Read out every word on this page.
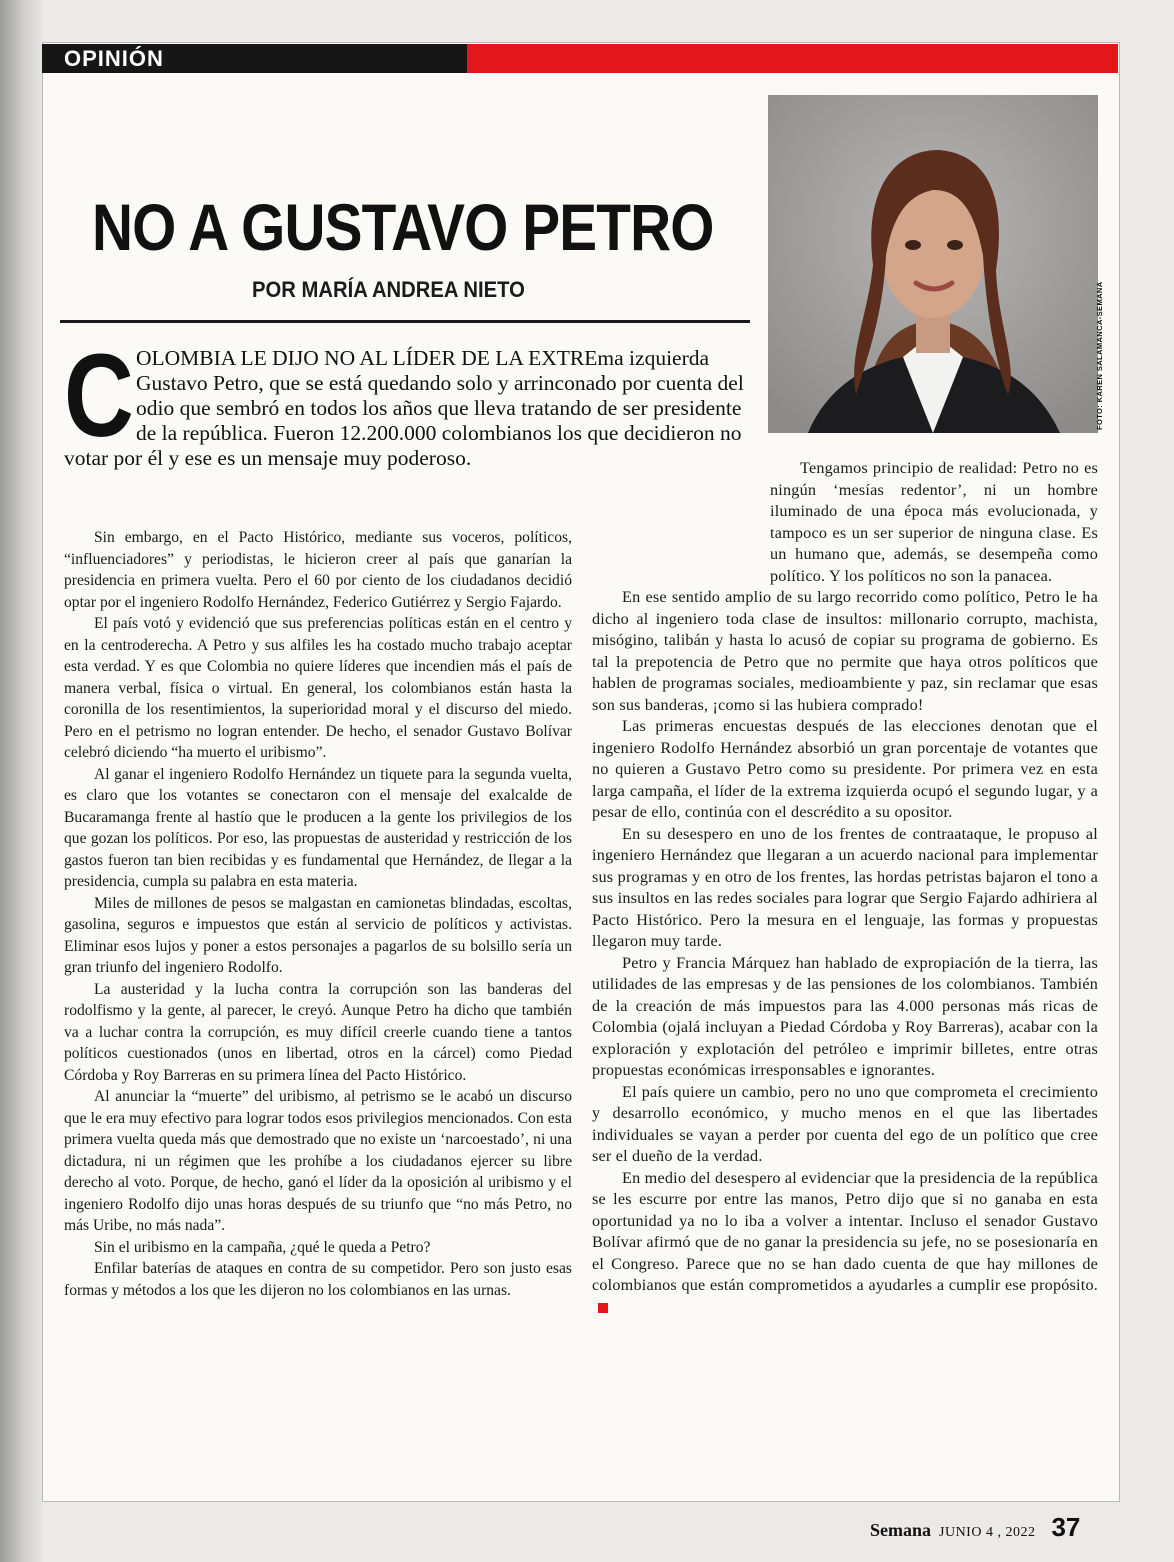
OPINIÓN
NO A GUSTAVO PETRO
POR MARÍA ANDREA NIETO	FOTO: KAREN SALAMANCA-SEMANA

C OLOMBIA LE DIJO NO AL LÍDER DE LA EXTREma izquierda Gustavo Petro, que se está quedando solo y arrinconado por cuenta del odio que sembró en todos los años que lleva tratando de ser presidente de la república. Fueron 12.200.000 colombianos los que decidieron no votar por él y ese es un mensaje muy poderoso.

Sin embargo, en el Pacto Histórico, mediante sus voceros, políticos, “influenciadores” y periodistas, le hicieron creer al país que ganarían la presidencia en primera vuelta. Pero el 60 por ciento de los ciudadanos decidió optar por el ingeniero Rodolfo Hernández, Federico Gutiérrez y Sergio Fajardo.

El país votó y evidenció que sus preferencias políticas están en el centro y en la centroderecha. A Petro y sus alfiles les ha costado mucho trabajo aceptar esta verdad. Y es que Colombia no quiere líderes que incendien más el país de manera verbal, física o virtual. En general, los colombianos están hasta la coronilla de los resentimientos, la superioridad moral y el discurso del miedo. Pero en el petrismo no logran entender. De hecho, el senador Gustavo Bolívar celebró diciendo “ha muerto el uribismo”.

Al ganar el ingeniero Rodolfo Hernández un tiquete para la segunda vuelta, es claro que los votantes se conectaron con el mensaje del exalcalde de Bucaramanga frente al hastío que le producen a la gente los privilegios de los que gozan los políticos. Por eso, las propuestas de austeridad y restricción de los gastos fueron tan bien recibidas y es fundamental que Hernández, de llegar a la presidencia, cumpla su palabra en esta materia.

Miles de millones de pesos se malgastan en camionetas blindadas, escoltas, gasolina, seguros e impuestos que están al servicio de políticos y activistas. Eliminar esos lujos y poner a estos personajes a pagarlos de su bolsillo sería un gran triunfo del ingeniero Rodolfo.

La austeridad y la lucha contra la corrupción son las banderas del rodolfismo y la gente, al parecer, le creyó. Aunque Petro ha dicho que también va a luchar contra la corrupción, es muy difícil creerle cuando tiene a tantos políticos cuestionados (unos en libertad, otros en la cárcel) como Piedad Córdoba y Roy Barreras en su primera línea del Pacto Histórico.

Al anunciar la “muerte” del uribismo, al petrismo se le acabó un discurso que le era muy efectivo para lograr todos esos privilegios mencionados. Con esta primera vuelta queda más que demostrado que no existe un ‘narcoestado’, ni una dictadura, ni un régimen que les prohíbe a los ciudadanos ejercer su libre derecho al voto. Porque, de hecho, ganó el líder da la oposición al uribismo y el ingeniero Rodolfo dijo unas horas después de su triunfo que “no más Petro, no más Uribe, no más nada”.

Sin el uribismo en la campaña, ¿qué le queda a Petro?

Enfilar baterías de ataques en contra de su competidor. Pero son justo esas formas y métodos a los que les dijeron no los colombianos en las urnas.

Tengamos principio de realidad: Petro no es ningún ‘mesías redentor’, ni un hombre iluminado de una época más evolucionada, y tampoco es un ser superior de ninguna clase. Es un humano que, además, se desempeña como político. Y los políticos no son la panacea.

En ese sentido amplio de su largo recorrido como político, Petro le ha dicho al ingeniero toda clase de insultos: millonario corrupto, machista, misógino, talibán y hasta lo acusó de copiar su programa de gobierno. Es tal la prepotencia de Petro que no permite que haya otros políticos que hablen de programas sociales, medioambiente y paz, sin reclamar que esas son sus banderas, ¡como si las hubiera comprado!

Las primeras encuestas después de las elecciones denotan que el ingeniero Rodolfo Hernández absorbió un gran porcentaje de votantes que no quieren a Gustavo Petro como su presidente. Por primera vez en esta larga campaña, el líder de la extrema izquierda ocupó el segundo lugar, y a pesar de ello, continúa con el descrédito a su opositor.

En su desespero en uno de los frentes de contraataque, le propuso al ingeniero Hernández que llegaran a un acuerdo nacional para implementar sus programas y en otro de los frentes, las hordas petristas bajaron el tono a sus insultos en las redes sociales para lograr que Sergio Fajardo adhiriera al Pacto Histórico. Pero la mesura en el lenguaje, las formas y propuestas llegaron muy tarde.

Petro y Francia Márquez han hablado de expropiación de la tierra, las utilidades de las empresas y de las pensiones de los colombianos. También de la creación de más impuestos para las 4.000 personas más ricas de Colombia (ojalá incluyan a Piedad Córdoba y Roy Barreras), acabar con la exploración y explotación del petróleo e imprimir billetes, entre otras propuestas económicas irresponsables e ignorantes.

El país quiere un cambio, pero no uno que comprometa el crecimiento y desarrollo económico, y mucho menos en el que las libertades individuales se vayan a perder por cuenta del ego de un político que cree ser el dueño de la verdad.

En medio del desespero al evidenciar que la presidencia de la república se les escurre por entre las manos, Petro dijo que si no ganaba en esta oportunidad ya no lo iba a volver a intentar. Incluso el senador Gustavo Bolívar afirmó que de no ganar la presidencia su jefe, no se posesionaría en el Congreso. Parece que no se han dado cuenta de que hay millones de colombianos que están comprometidos a ayudarles a cumplir ese propósito.

Semana JUNIO 4 , 2022 37
